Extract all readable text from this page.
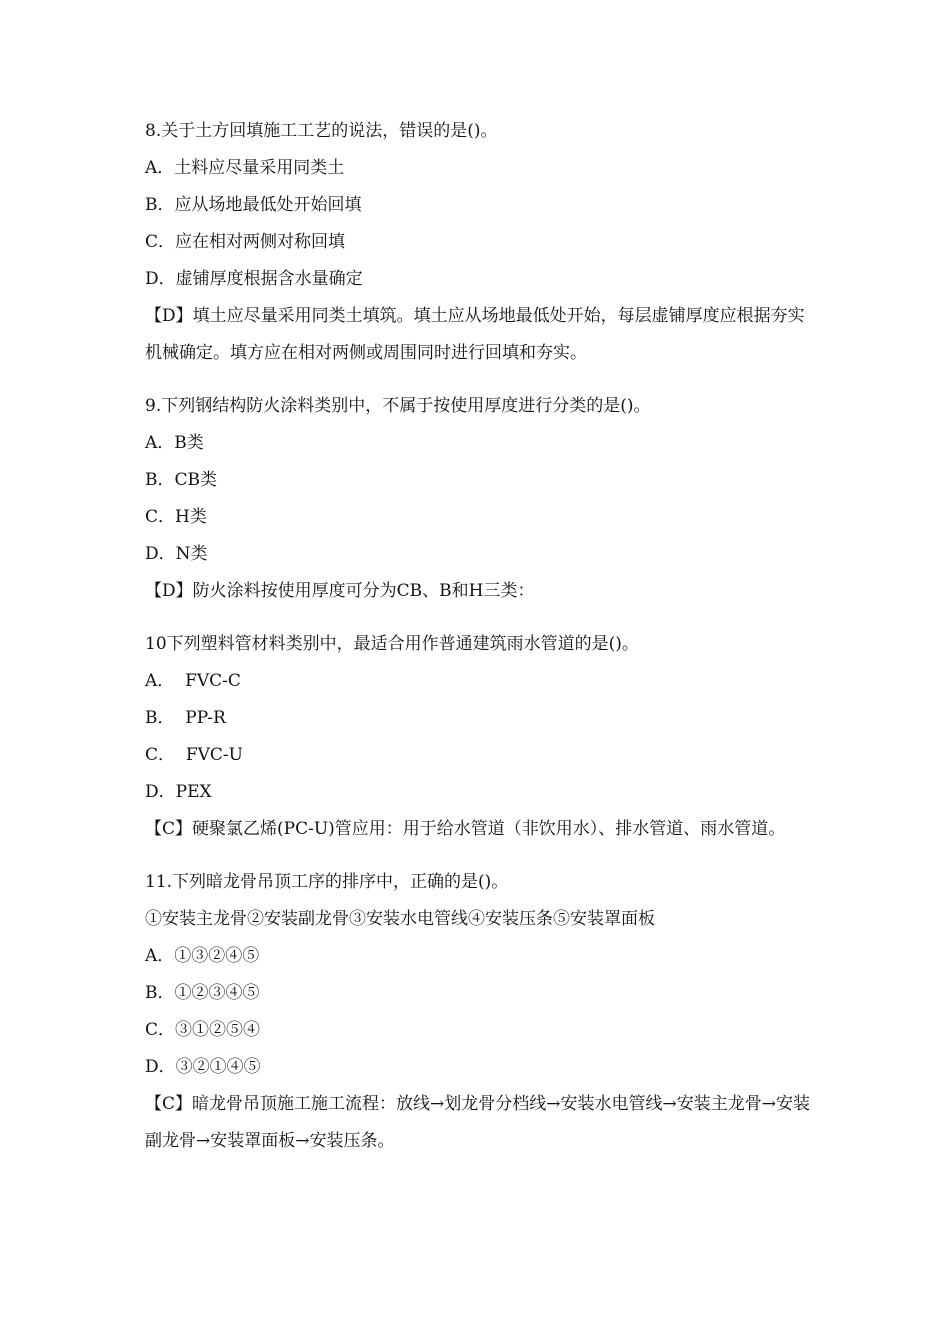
8.关于土方回填施工工艺的说法，错误的是()。
A．土料应尽量采用同类土
B．应从场地最低处开始回填
C．应在相对两侧对称回填
D．虚铺厚度根据含水量确定
【D】填土应尽量采用同类土填筑。填土应从场地最低处开始，每层虚铺厚度应根据夯实机械确定。填方应在相对两侧或周围同时进行回填和夯实。
9.下列钢结构防火涂料类别中，不属于按使用厚度进行分类的是()。
A．B类
B．CB类
C．H类
D．N类
【D】防火涂料按使用厚度可分为CB、B和H三类：
10下列塑料管材料类别中，最适合用作普通建筑雨水管道的是()。
A．  FVC-C
B．  PP-R
C．  FVC-U
D．PEX
【C】硬聚氯乙烯(PC-U)管应用：用于给水管道（非饮用水）、排水管道、雨水管道。
11.下列暗龙骨吊顶工序的排序中，正确的是()。
①安装主龙骨②安装副龙骨③安装水电管线④安装压条⑤安装罩面板
A．①③②④⑤
B．①②③④⑤
C．③①②⑤④
D．③②①④⑤
【C】暗龙骨吊顶施工施工流程：放线→划龙骨分档线→安装水电管线→安装主龙骨→安装副龙骨→安装罩面板→安装压条。
